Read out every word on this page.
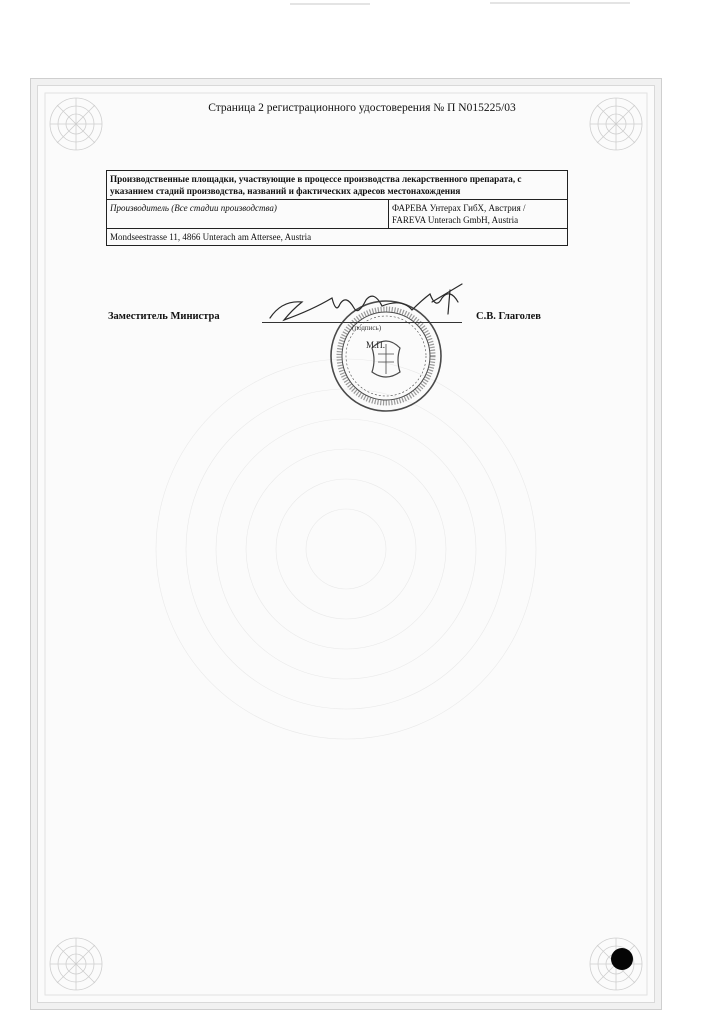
Страница 2 регистрационного удостоверения № П N015225/03
Производственные площадки, участвующие в процессе производства лекарственного препарата, с указанием стадий производства, названий и фактических адресов местонахождения
Производитель (Все стадии производства)	ФАРЕВА Унтерах ГибХ, Австрия /
FAREVA Unterach GmbH, Austria
Mondseestrasse 11, 4866 Unterach am Attersee, Austria
Заместитель Министра
(подпись)
М.П.
С.В. Глаголев
